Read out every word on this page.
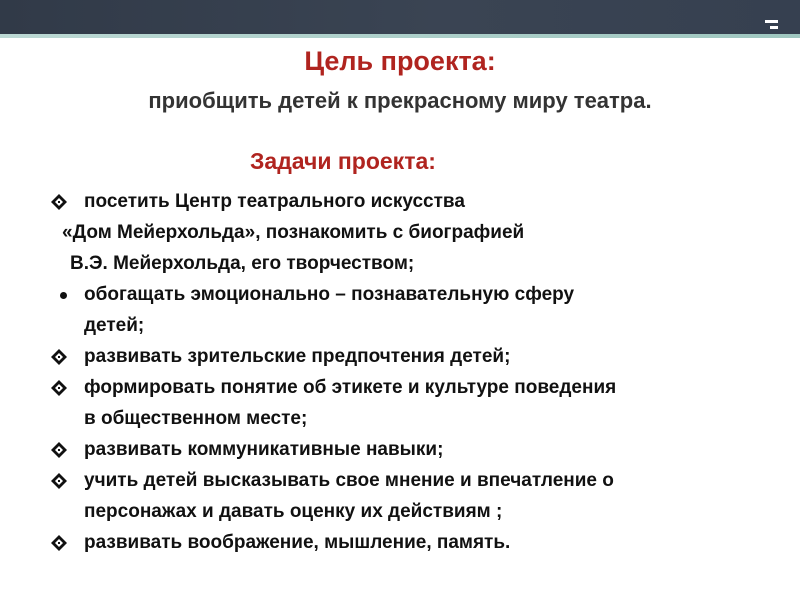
Цель проекта:
приобщить детей к прекрасному миру театра.
Задачи проекта:
посетить Центр театрального искусства
«Дом Мейерхольда», познакомить с биографией
В.Э. Мейерхольда, его творчеством;
обогащать эмоционально – познавательную сферу
детей;
развивать зрительские предпочтения детей;
формировать понятие об этикете и культуре поведения
в общественном месте;
развивать коммуникативные навыки;
учить детей высказывать свое мнение и впечатление о
персонажах и давать оценку их действиям ;
развивать воображение, мышление, память.
